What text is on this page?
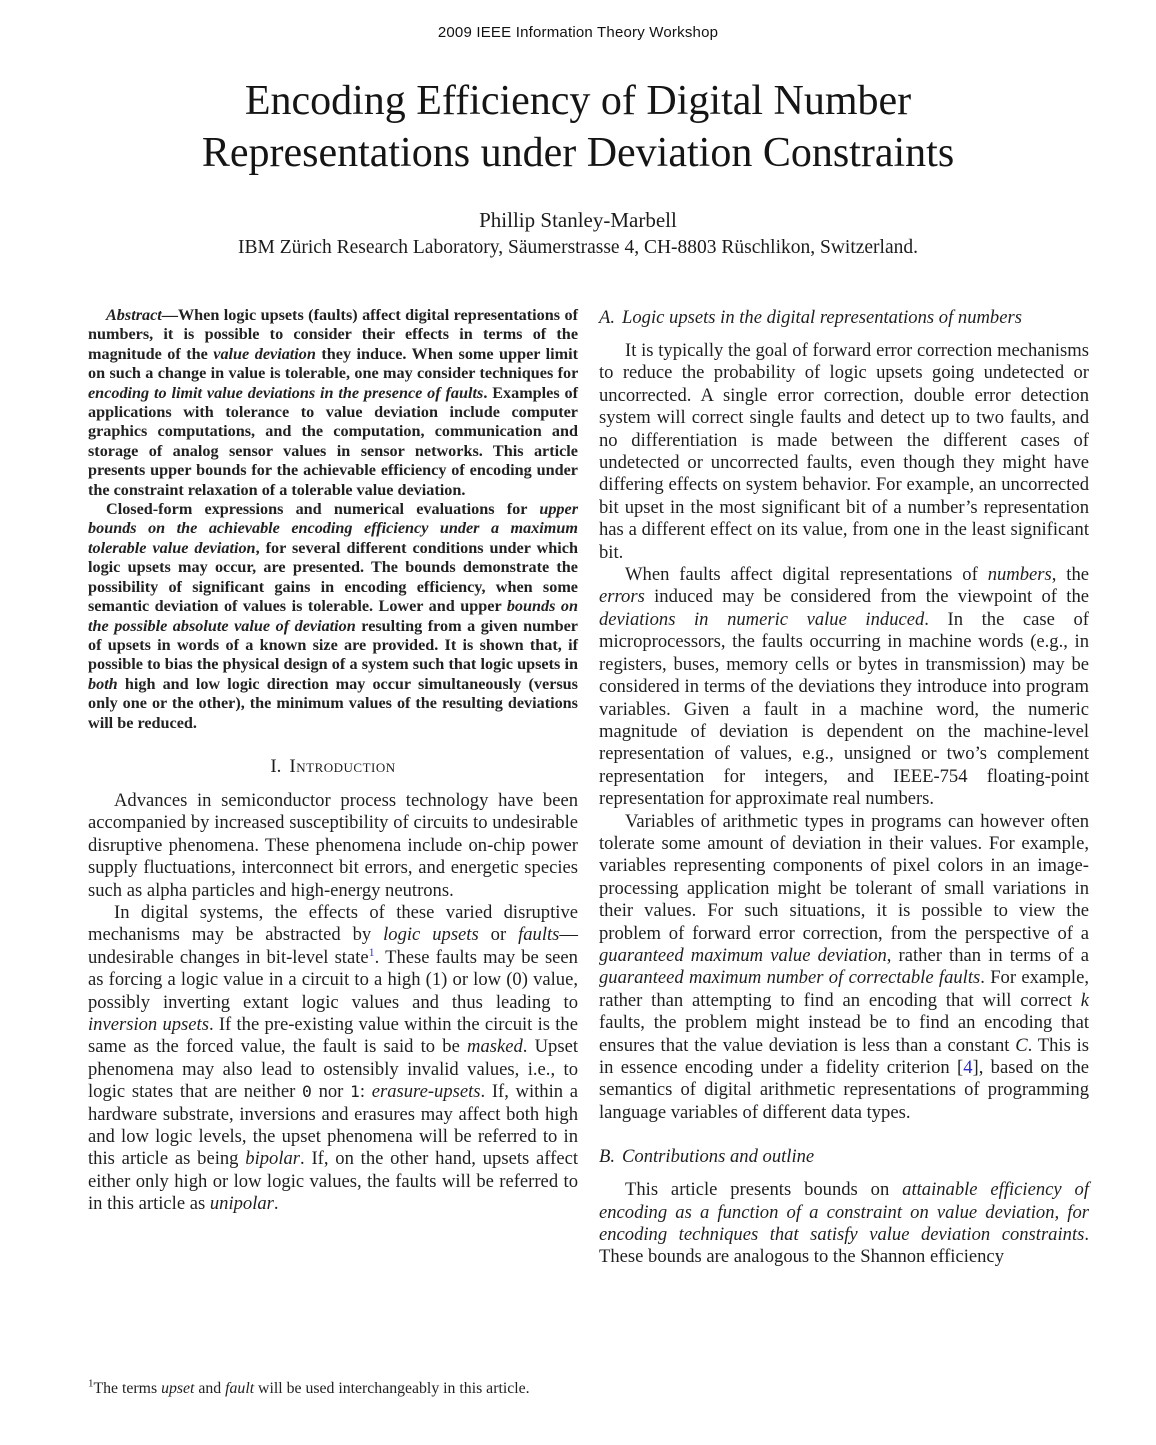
2009 IEEE Information Theory Workshop
Encoding Efficiency of Digital Number
Representations under Deviation Constraints
Phillip Stanley-Marbell
IBM Zürich Research Laboratory, Säumerstrasse 4, CH-8803 Rüschlikon, Switzerland.

Abstract—When logic upsets (faults) affect digital representations of numbers, it is possible to consider their effects in terms of the magnitude of the value deviation they induce. When some upper limit on such a change in value is tolerable, one may consider techniques for encoding to limit value deviations in the presence of faults. Examples of applications with tolerance to value deviation include computer graphics computations, and the computation, communication and storage of analog sensor values in sensor networks. This article presents upper bounds for the achievable efficiency of encoding under the constraint relaxation of a tolerable value deviation.

Closed-form expressions and numerical evaluations for upper bounds on the achievable encoding efficiency under a maximum tolerable value deviation, for several different conditions under which logic upsets may occur, are presented. The bounds demonstrate the possibility of significant gains in encoding efficiency, when some semantic deviation of values is tolerable. Lower and upper bounds on the possible absolute value of deviation resulting from a given number of upsets in words of a known size are provided. It is shown that, if possible to bias the physical design of a system such that logic upsets in both high and low logic direction may occur simultaneously (versus only one or the other), the minimum values of the resulting deviations will be reduced.

I. Introduction

Advances in semiconductor process technology have been accompanied by increased susceptibility of circuits to undesirable disruptive phenomena. These phenomena include on-chip power supply fluctuations, interconnect bit errors, and energetic species such as alpha particles and high-energy neutrons.

In digital systems, the effects of these varied disruptive mechanisms may be abstracted by logic upsets or faults—undesirable changes in bit-level state$^1$. These faults may be seen as forcing a logic value in a circuit to a high (1) or low (0) value, possibly inverting extant logic values and thus leading to inversion upsets. If the pre-existing value within the circuit is the same as the forced value, the fault is said to be masked. Upset phenomena may also lead to ostensibly invalid values, i.e., to logic states that are neither 0 nor 1: erasure-upsets. If, within a hardware substrate, inversions and erasures may affect both high and low logic levels, the upset phenomena will be referred to in this article as being bipolar. If, on the other hand, upsets affect either only high or low logic values, the faults will be referred to in this article as unipolar.

$^1$The terms upset and fault will be used interchangeably in this article.
A. Logic upsets in the digital representations of numbers

It is typically the goal of forward error correction mechanisms to reduce the probability of logic upsets going undetected or uncorrected. A single error correction, double error detection system will correct single faults and detect up to two faults, and no differentiation is made between the different cases of undetected or uncorrected faults, even though they might have differing effects on system behavior. For example, an uncorrected bit upset in the most significant bit of a number’s representation has a different effect on its value, from one in the least significant bit.

When faults affect digital representations of numbers, the errors induced may be considered from the viewpoint of the deviations in numeric value induced. In the case of microprocessors, the faults occurring in machine words (e.g., in registers, buses, memory cells or bytes in transmission) may be considered in terms of the deviations they introduce into program variables. Given a fault in a machine word, the numeric magnitude of deviation is dependent on the machine-level representation of values, e.g., unsigned or two’s complement representation for integers, and IEEE-754 floating-point representation for approximate real numbers.

Variables of arithmetic types in programs can however often tolerate some amount of deviation in their values. For example, variables representing components of pixel colors in an image-processing application might be tolerant of small variations in their values. For such situations, it is possible to view the problem of forward error correction, from the perspective of a guaranteed maximum value deviation, rather than in terms of a guaranteed maximum number of correctable faults. For example, rather than attempting to find an encoding that will correct k faults, the problem might instead be to find an encoding that ensures that the value deviation is less than a constant C. This is in essence encoding under a fidelity criterion [4], based on the semantics of digital arithmetic representations of programming language variables of different data types.

B. Contributions and outline

This article presents bounds on attainable efficiency of encoding as a function of a constraint on value deviation, for encoding techniques that satisfy value deviation constraints. These bounds are analogous to the Shannon efficiency
